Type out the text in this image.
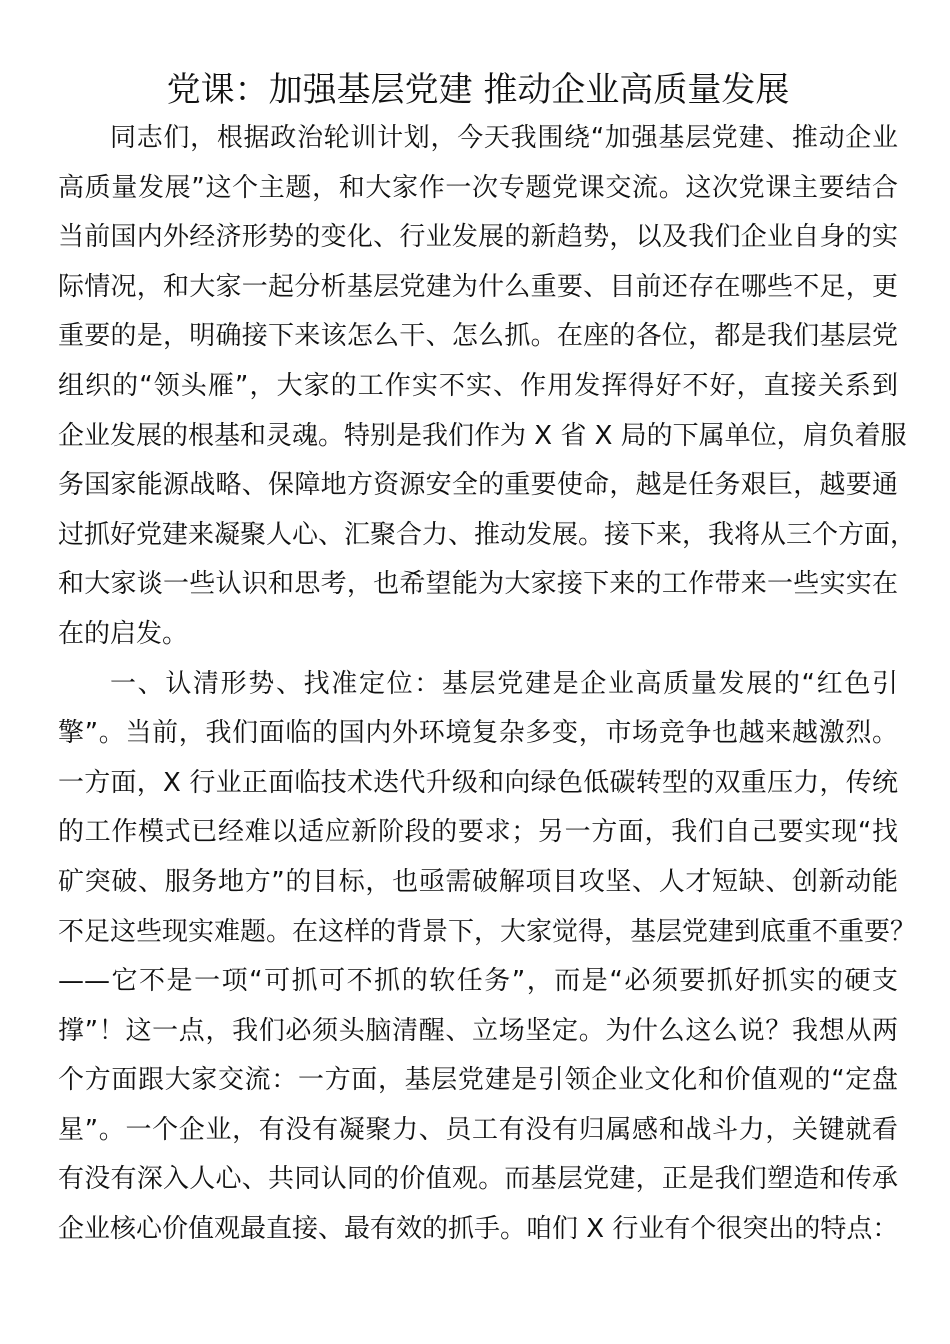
党课：加强基层党建 推动企业高质量发展
同志们，根据政治轮训计划，今天我围绕“加强基层党建、推动企业
高质量发展”这个主题，和大家作一次专题党课交流。这次党课主要结合
当前国内外经济形势的变化、行业发展的新趋势，以及我们企业自身的实
际情况，和大家一起分析基层党建为什么重要、目前还存在哪些不足，更
重要的是，明确接下来该怎么干、怎么抓。在座的各位，都是我们基层党
组织的“领头雁”，大家的工作实不实、作用发挥得好不好，直接关系到
企业发展的根基和灵魂。特别是我们作为 X 省 X 局的下属单位，肩负着服
务国家能源战略、保障地方资源安全的重要使命，越是任务艰巨，越要通
过抓好党建来凝聚人心、汇聚合力、推动发展。接下来，我将从三个方面，
和大家谈一些认识和思考，也希望能为大家接下来的工作带来一些实实在
在的启发。
一、认清形势、找准定位：基层党建是企业高质量发展的“红色引
擎”。当前，我们面临的国内外环境复杂多变，市场竞争也越来越激烈。
一方面，X 行业正面临技术迭代升级和向绿色低碳转型的双重压力，传统
的工作模式已经难以适应新阶段的要求；另一方面，我们自己要实现“找
矿突破、服务地方”的目标，也亟需破解项目攻坚、人才短缺、创新动能
不足这些现实难题。在这样的背景下，大家觉得，基层党建到底重不重要？
——它不是一项“可抓可不抓的软任务”，而是“必须要抓好抓实的硬支
撑”！这一点，我们必须头脑清醒、立场坚定。为什么这么说？我想从两
个方面跟大家交流：一方面，基层党建是引领企业文化和价值观的“定盘
星”。一个企业，有没有凝聚力、员工有没有归属感和战斗力，关键就看
有没有深入人心、共同认同的价值观。而基层党建，正是我们塑造和传承
企业核心价值观最直接、最有效的抓手。咱们 X 行业有个很突出的特点：
